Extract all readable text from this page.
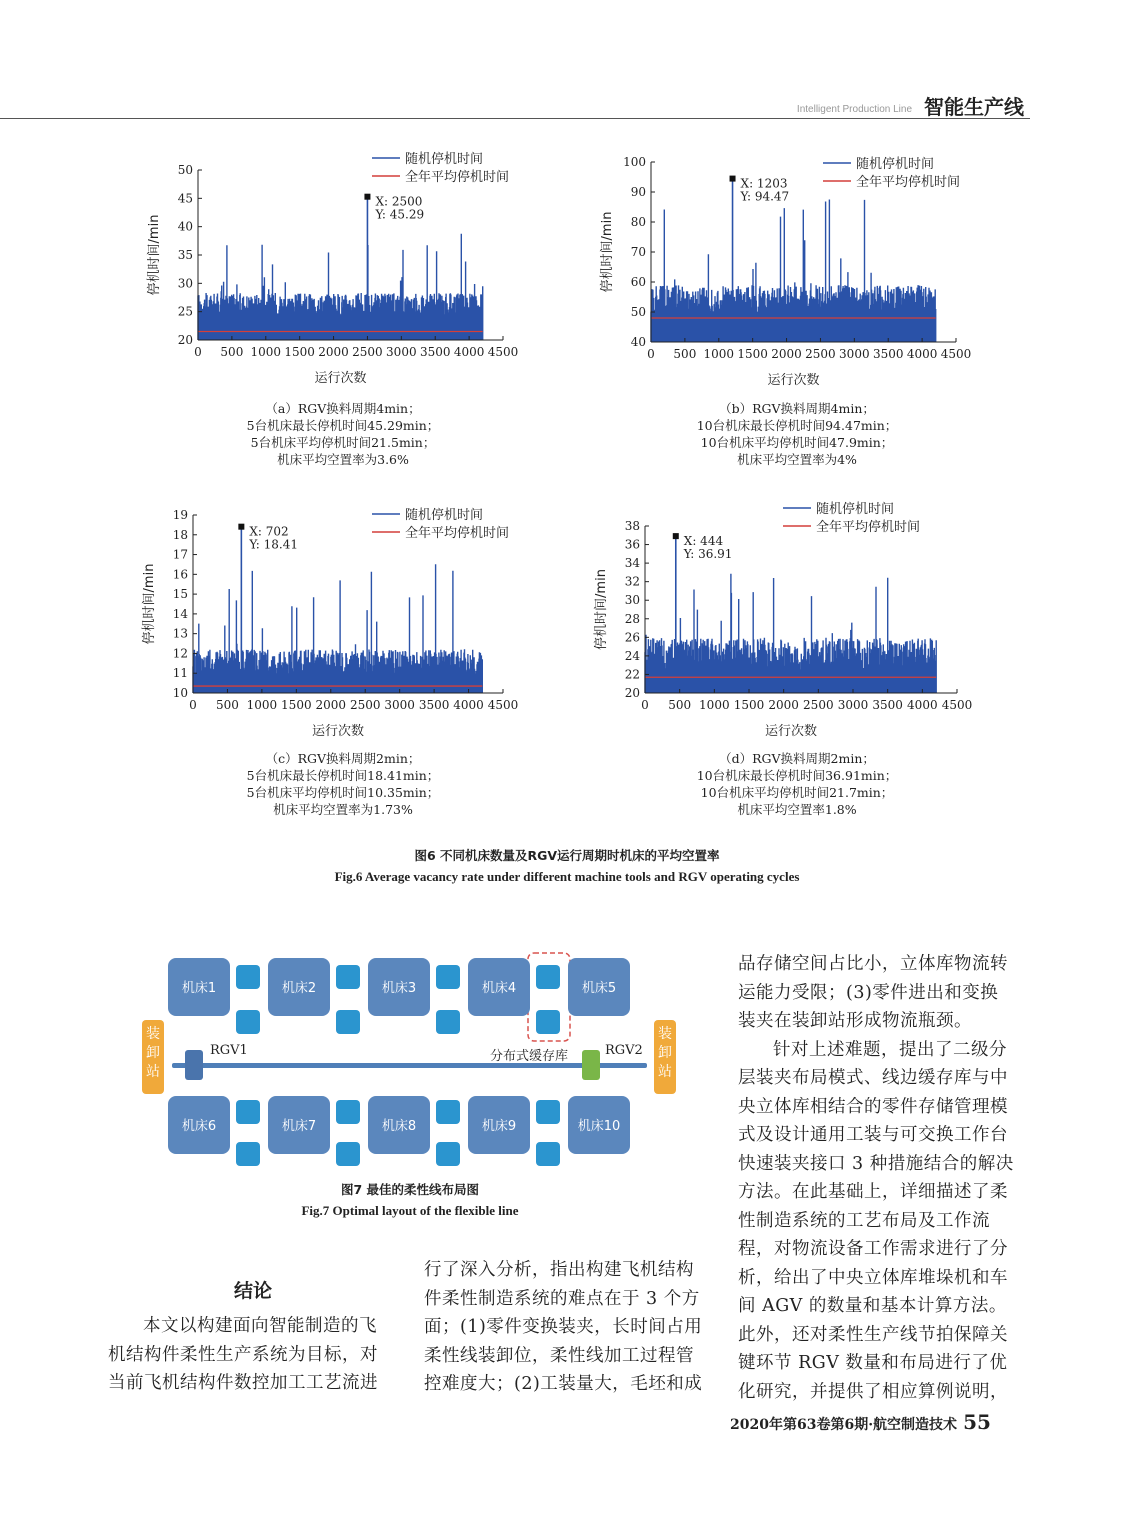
Intelligent Production Line 智能生产线
X: 2500
Y: 45.29
20
25
30
35
40
45
50
0 500 1000 1500 2000 2500 3000 3500 4000 4500
运行次数
停机时间/min
随机停机时间
全年平均停机时间	X: 1203
Y: 94.47
40
50
60
70
80
90
100
0 500 1000 1500 2000 2500 3000 3500 4000 4500
运行次数
停机时间/min
随机停机时间
全年平均停机时间
X: 702
Y: 18.41
10
11
12
13
14
15
16
17
18
19
0 500 1000 1500 2000 2500 3000 3500 4000 4500
运行次数
停机时间/min
随机停机时间
全年平均停机时间
X: 444
Y: 36.91
20
22
24
26
28
30
32
34
36
38
0 500 1000 1500 2000 2500 3000 3500 4000 4500
运行次数
停机时间/min
随机停机时间
全年平均停机时间
（a）RGV换料周期4min；
5台机床最长停机时间45.29min；
5台机床平均停机时间21.5min；
机床平均空置率为3.6%
（b）RGV换料周期4min；
10台机床最长停机时间94.47min；
10台机床平均停机时间47.9min；
机床平均空置率为4%
（c）RGV换料周期2min；
5台机床最长停机时间18.41min；
5台机床平均停机时间10.35min；
机床平均空置率为1.73%
（d）RGV换料周期2min；
10台机床最长停机时间36.91min；
10台机床平均停机时间21.7min；
机床平均空置率1.8%
图6 不同机床数量及RGV运行周期时机床的平均空置率
Fig.6 Average vacancy rate under different machine tools and RGV operating cycles
装卸站
装卸站
RGV1	RGV2
分布式缓存库
机床1	机床2	机床3	机床4	机床5
机床6	机床7	机床8	机床9	机床10
图7 最佳的柔性线布局图
Fig.7 Optimal layout of the flexible line
结论

本文以构建面向智能制造的飞

机结构件柔性生产系统为目标，对

当前飞机结构件数控加工工艺流进

行了深入分析，指出构建飞机结构

件柔性制造系统的难点在于 3 个方

面；(1)零件变换装夹，长时间占用

柔性线装卸位，柔性线加工过程管

控难度大；(2)工装量大，毛坯和成

品存储空间占比小，立体库物流转

运能力受限；(3)零件进出和变换

装夹在装卸站形成物流瓶颈。

针对上述难题，提出了二级分

层装夹布局模式、线边缓存库与中

央立体库相结合的零件存储管理模

式及设计通用工装与可交换工作台

快速装夹接口 3 种措施结合的解决

方法。在此基础上，详细描述了柔

性制造系统的工艺布局及工作流

程，对物流设备工作需求进行了分

析，给出了中央立体库堆垛机和车

间 AGV 的数量和基本计算方法。

此外，还对柔性生产线节拍保障关

键环节 RGV 数量和布局进行了优

化研究，并提供了相应算例说明，

2020年第63卷第6期·航空制造技术 55
